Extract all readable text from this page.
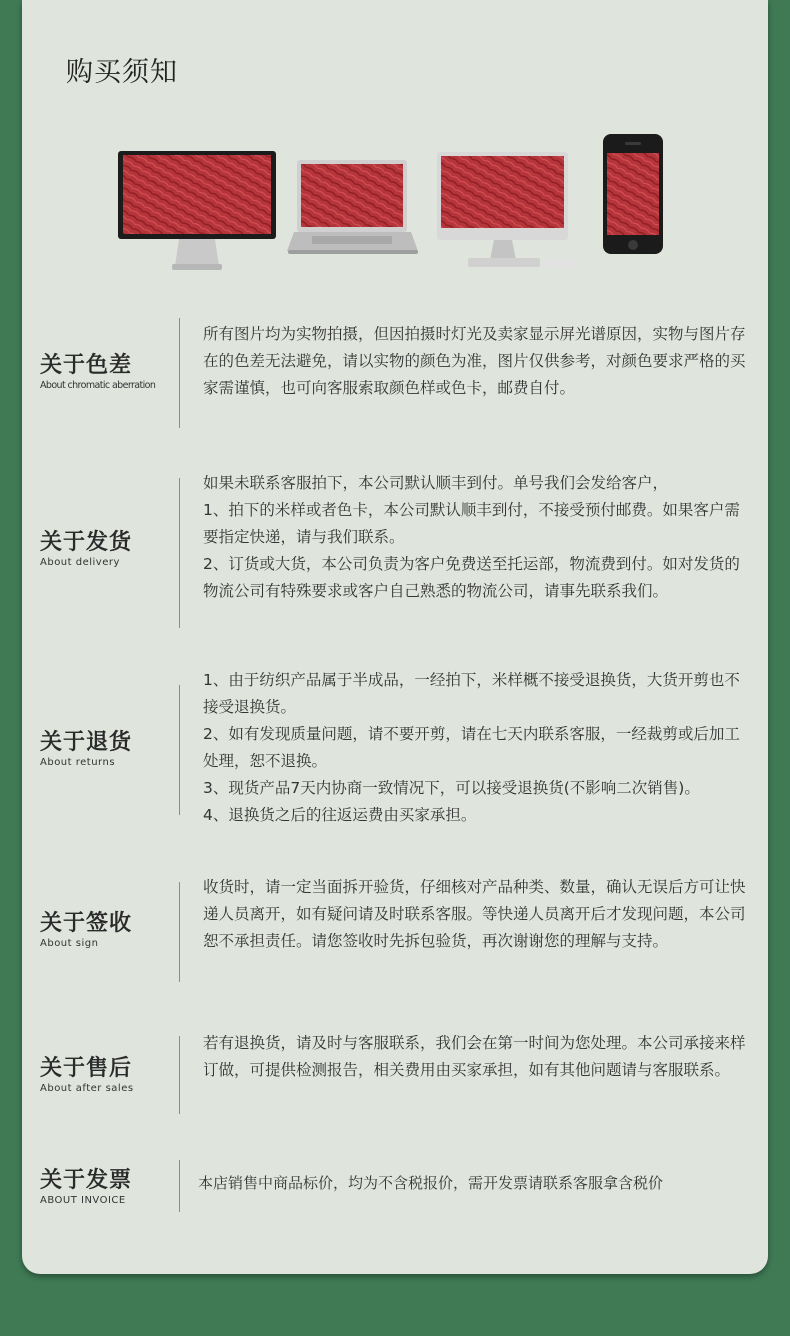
购买须知
关于色差
About chromatic aberration

所有图片均为实物拍摄，但因拍摄时灯光及卖家显示屏光谱原因，实物与图片存在的色差无法避免，请以实物的颜色为准，图片仅供参考，对颜色要求严格的买家需谨慎，也可向客服索取颜色样或色卡，邮费自付。

关于发货
About delivery

如果未联系客服拍下，本公司默认顺丰到付。单号我们会发给客户，

1、拍下的米样或者色卡，本公司默认顺丰到付，不接受预付邮费。如果客户需要指定快递，请与我们联系。

2、订货或大货，本公司负责为客户免费送至托运部，物流费到付。如对发货的物流公司有特殊要求或客户自己熟悉的物流公司，请事先联系我们。

关于退货
About returns

1、由于纺织产品属于半成品，一经拍下，米样概不接受退换货，大货开剪也不接受退换货。

2、如有发现质量问题，请不要开剪，请在七天内联系客服，一经裁剪或后加工处理，恕不退换。

3、现货产品7天内协商一致情况下，可以接受退换货(不影响二次销售)。

4、退换货之后的往返运费由买家承担。

关于签收
About sign

收货时，请一定当面拆开验货，仔细核对产品种类、数量，确认无误后方可让快递人员离开，如有疑问请及时联系客服。等快递人员离开后才发现问题，本公司恕不承担责任。请您签收时先拆包验货，再次谢谢您的理解与支持。

关于售后
About after sales

若有退换货，请及时与客服联系，我们会在第一时间为您处理。本公司承接来样订做，可提供检测报告，相关费用由买家承担，如有其他问题请与客服联系。

关于发票
ABOUT INVOICE

本店销售中商品标价，均为不含税报价，需开发票请联系客服拿含税价
